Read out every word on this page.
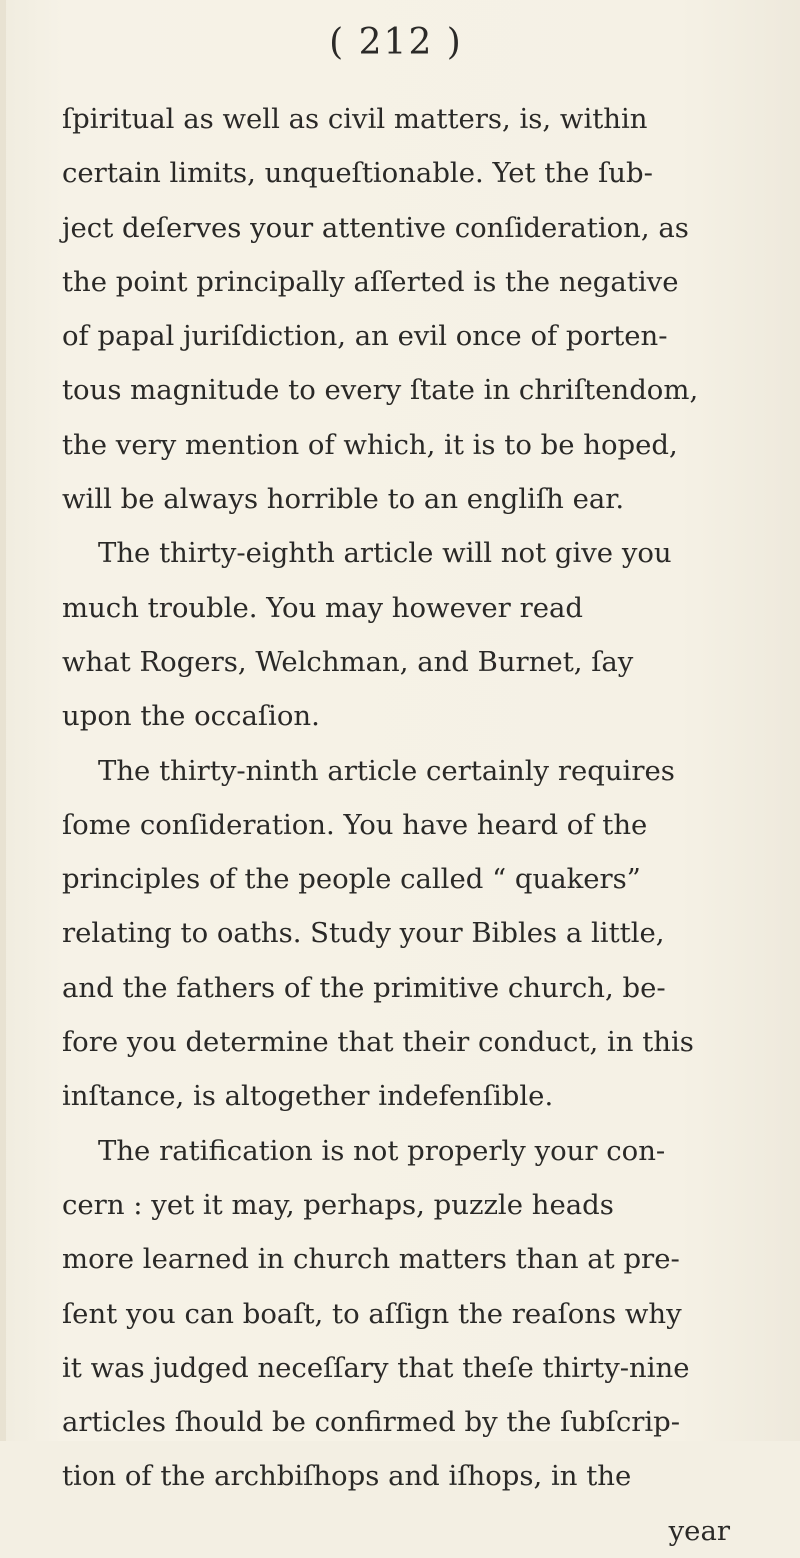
( 212 )
ſpiritual as well as civil matters, is, within
certain limits, unqueſtionable. Yet the ſub-
ject deſerves your attentive conſideration, as
the point principally aſſerted is the negative
of papal juriſdiction, an evil once of porten-
tous magnitude to every ſtate in chriſtendom,
the very mention of which, it is to be hoped,
will be always horrible to an engliſh ear.
The thirty-eighth article will not give you
much trouble. You may however read
what Rogers, Welchman, and Burnet, ſay
upon the occaſion.
The thirty-ninth article certainly requires
ſome conſideration. You have heard of the
principles of the people called “ quakers”
relating to oaths. Study your Bibles a little,
and the fathers of the primitive church, be-
fore you determine that their conduct, in this
inſtance, is altogether indefenſible.
The ratification is not properly your con-
cern : yet it may, perhaps, puzzle heads
more learned in church matters than at pre-
ſent you can boaſt, to aſſign the reaſons why
it was judged neceſſary that theſe thirty-nine
articles ſhould be confirmed by the ſubſcrip-
tion of the archbiſhops and iſhops, in the
year
